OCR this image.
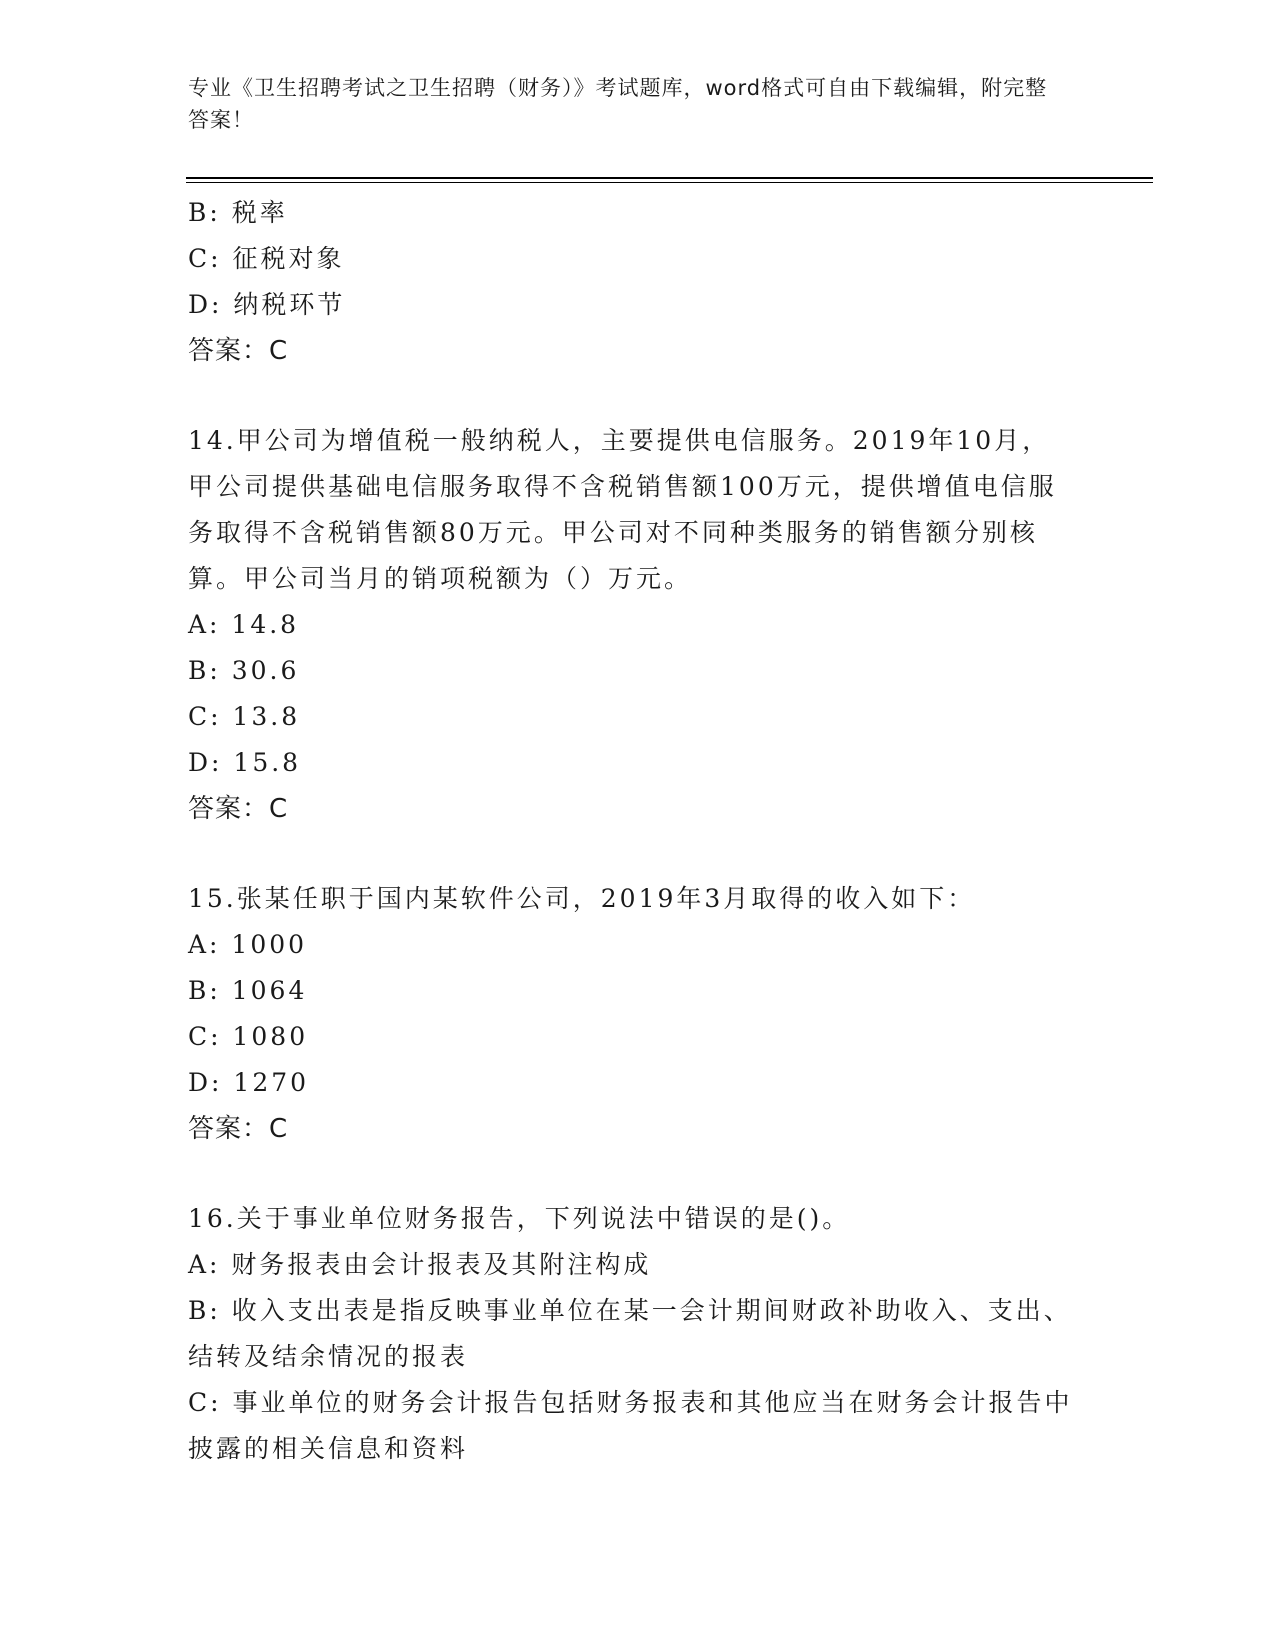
专业《卫生招聘考试之卫生招聘（财务）》考试题库，word格式可自由下载编辑，附完整答案！
B: 税率
C: 征税对象
D: 纳税环节
答案：C
14.甲公司为增值税一般纳税人，主要提供电信服务。2019年10月，甲公司提供基础电信服务取得不含税销售额100万元，提供增值电信服务取得不含税销售额80万元。甲公司对不同种类服务的销售额分别核算。甲公司当月的销项税额为（）万元。
A: 14.8
B: 30.6
C: 13.8
D: 15.8
答案：C
15.张某任职于国内某软件公司，2019年3月取得的收入如下：
A: 1000
B: 1064
C: 1080
D: 1270
答案：C
16.关于事业单位财务报告，下列说法中错误的是()。
A: 财务报表由会计报表及其附注构成
B: 收入支出表是指反映事业单位在某一会计期间财政补助收入、支出、结转及结余情况的报表
C: 事业单位的财务会计报告包括财务报表和其他应当在财务会计报告中披露的相关信息和资料
